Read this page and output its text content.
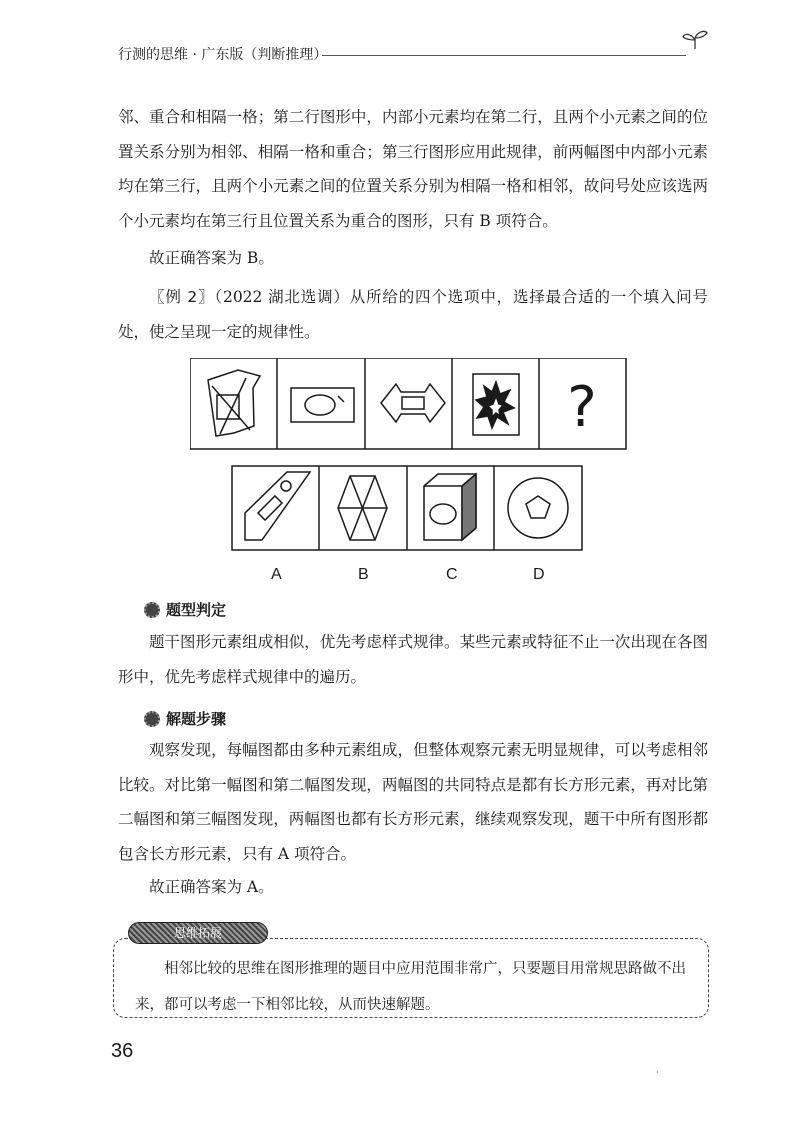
行测的思维 · 广东版（判断推理）

邻、重合和相隔一格；第二行图形中，内部小元素均在第二行，且两个小元素之间的位置关系分别为相邻、相隔一格和重合；第三行图形应用此规律，前两幅图中内部小元素均在第三行，且两个小元素之间的位置关系分别为相隔一格和相邻，故问号处应该选两个小元素均在第三行且位置关系为重合的图形，只有 B 项符合。

故正确答案为 B。

〖例 2〗（2022 湖北选调）从所给的四个选项中，选择最合适的一个填入问号处，使之呈现一定的规律性。

?
A	B	C	D
题型判定

题干图形元素组成相似，优先考虑样式规律。某些元素或特征不止一次出现在各图形中，优先考虑样式规律中的遍历。

解题步骤

观察发现，每幅图都由多种元素组成，但整体观察元素无明显规律，可以考虑相邻比较。对比第一幅图和第二幅图发现，两幅图的共同特点是都有长方形元素，再对比第二幅图和第三幅图发现，两幅图也都有长方形元素，继续观察发现，题干中所有图形都包含长方形元素，只有 A 项符合。

故正确答案为 A。

思维拓展

相邻比较的思维在图形推理的题目中应用范围非常广，只要题目用常规思路做不出来，都可以考虑一下相邻比较，从而快速解题。

36
·
